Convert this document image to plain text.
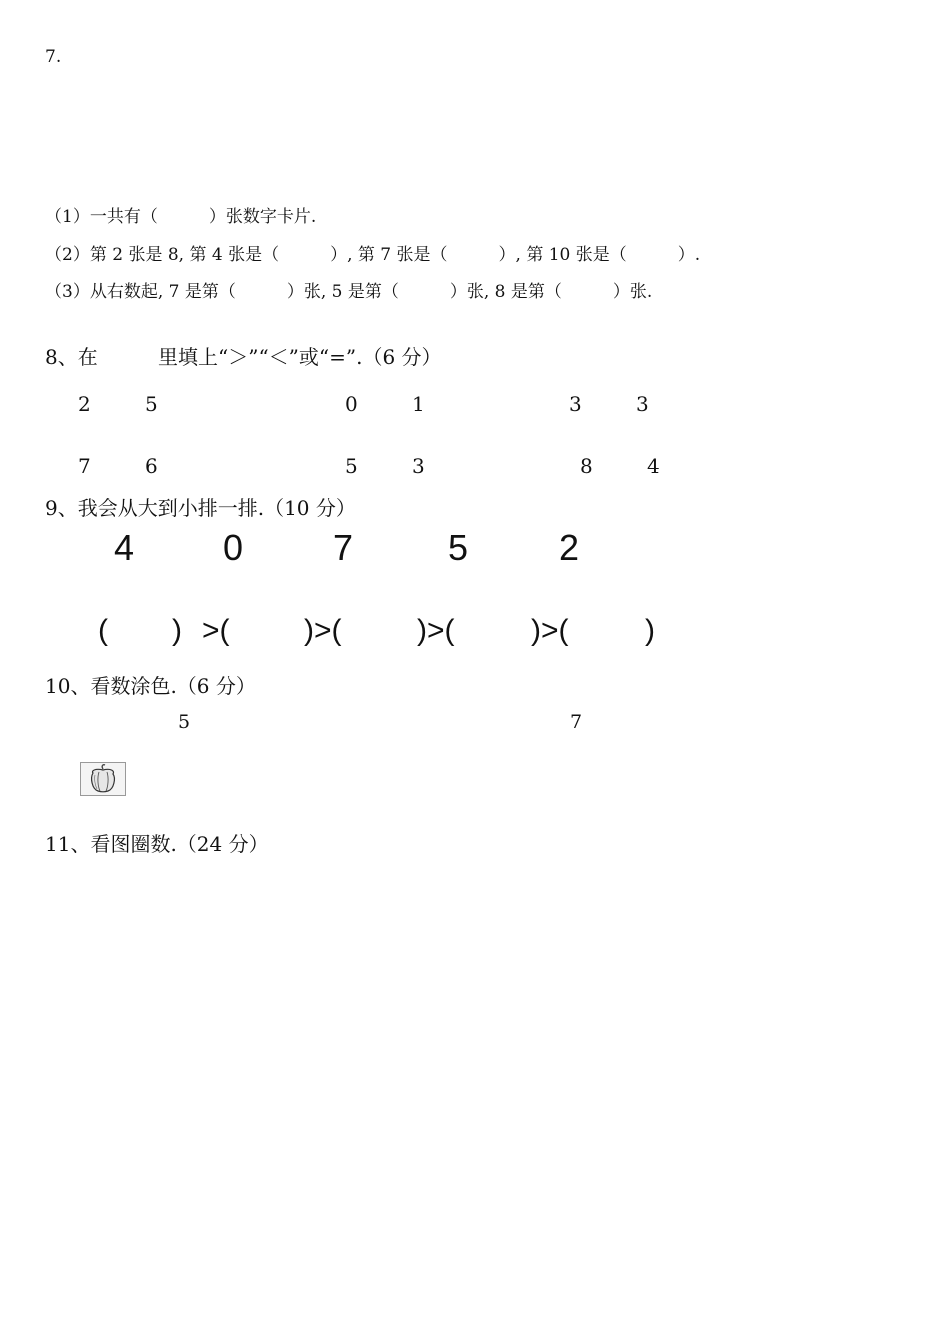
7.
（1）一共有（　　　）张数字卡片.
（2）第 2 张是 8, 第 4 张是（　　　）, 第 7 张是（　　　）, 第 10 张是（　　　）.
（3）从右数起, 7 是第（　　　）张, 5 是第（　　　）张, 8 是第（　　　）张.
8、在	里填上“＞”“＜”或“=”.（6 分）
2	5	0	1	3	3
7	6	5	3	8	4
9、我会从大到小排一排.（10 分）
4 0 7	5	2
( ) >( )>(	)>(	)>(	)
10、看数涂色.（6 分）
5	7
11、看图圈数.（24 分）
